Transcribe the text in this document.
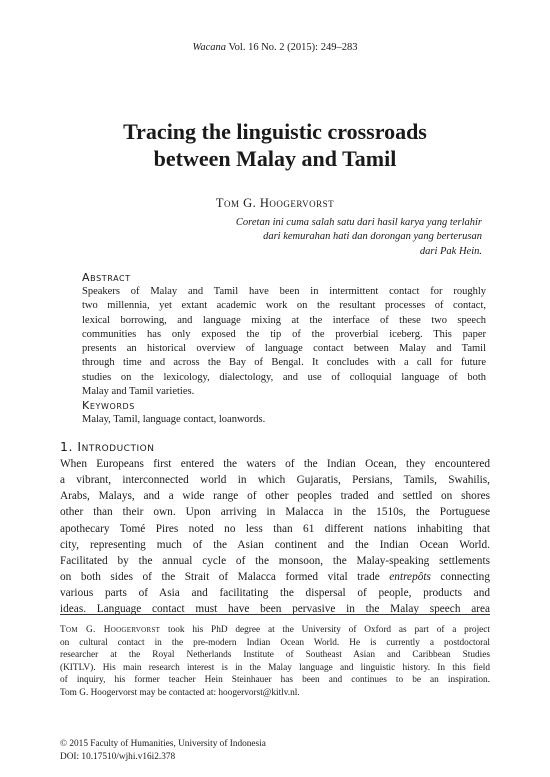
Wacana Vol. 16 No. 2 (2015): 249–283
Tracing the linguistic crossroads
between Malay and Tamil
Tom G. Hoogervorst
Coretan ini cuma salah satu dari hasil karya yang terlahir
dari kemurahan hati dan dorongan yang berterusan
dari Pak Hein.
Abstract
Speakers of Malay and Tamil have been in intermittent contact for roughly
two millennia, yet extant academic work on the resultant processes of contact,
lexical borrowing, and language mixing at the interface of these two speech
communities has only exposed the tip of the proverbial iceberg. This paper
presents an historical overview of language contact between Malay and Tamil
through time and across the Bay of Bengal. It concludes with a call for future
studies on the lexicology, dialectology, and use of colloquial language of both
Malay and Tamil varieties.
Keywords
Malay, Tamil, language contact, loanwords.
1. Introduction
When Europeans first entered the waters of the Indian Ocean, they encountered
a vibrant, interconnected world in which Gujaratis, Persians, Tamils, Swahilis,
Arabs, Malays, and a wide range of other peoples traded and settled on shores
other than their own. Upon arriving in Malacca in the 1510s, the Portuguese
apothecary Tomé Pires noted no less than 61 different nations inhabiting that
city, representing much of the Asian continent and the Indian Ocean World.
Facilitated by the annual cycle of the monsoon, the Malay-speaking settlements
on both sides of the Strait of Malacca formed vital trade entrepôts connecting
various parts of Asia and facilitating the dispersal of people, products and
ideas. Language contact must have been pervasive in the Malay speech area
Tom G. Hoogervorst took his PhD degree at the University of Oxford as part of a project
on cultural contact in the pre-modern Indian Ocean World. He is currently a postdoctoral
researcher at the Royal Netherlands Institute of Southeast Asian and Caribbean Studies
(KITLV). His main research interest is in the Malay language and linguistic history. In this field
of inquiry, his former teacher Hein Steinhauer has been and continues to be an inspiration.
Tom G. Hoogervorst may be contacted at: hoogervorst@kitlv.nl.
© 2015 Faculty of Humanities, University of Indonesia
DOI: 10.17510/wjhi.v16i2.378
